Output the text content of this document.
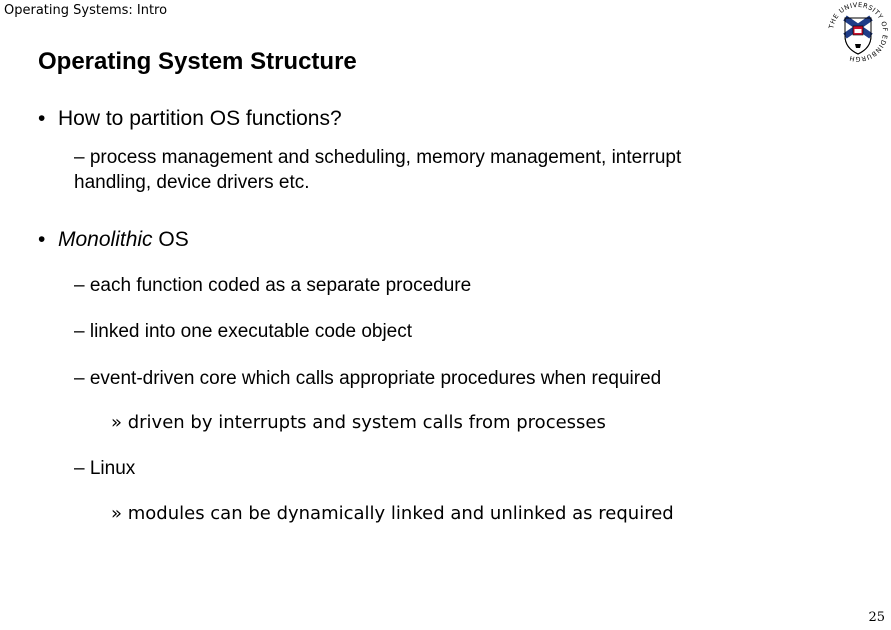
Operating Systems: Intro
Operating System Structure
THE UNIVERSITY OF EDINBURGH
• How to partition OS functions?
– process management and scheduling, memory management, interrupt
handling, device drivers etc.
• Monolithic OS
– each function coded as a separate procedure
– linked into one executable code object
– event-driven core which calls appropriate procedures when required
» driven by interrupts and system calls from processes
– Linux
» modules can be dynamically linked and unlinked as required
25
